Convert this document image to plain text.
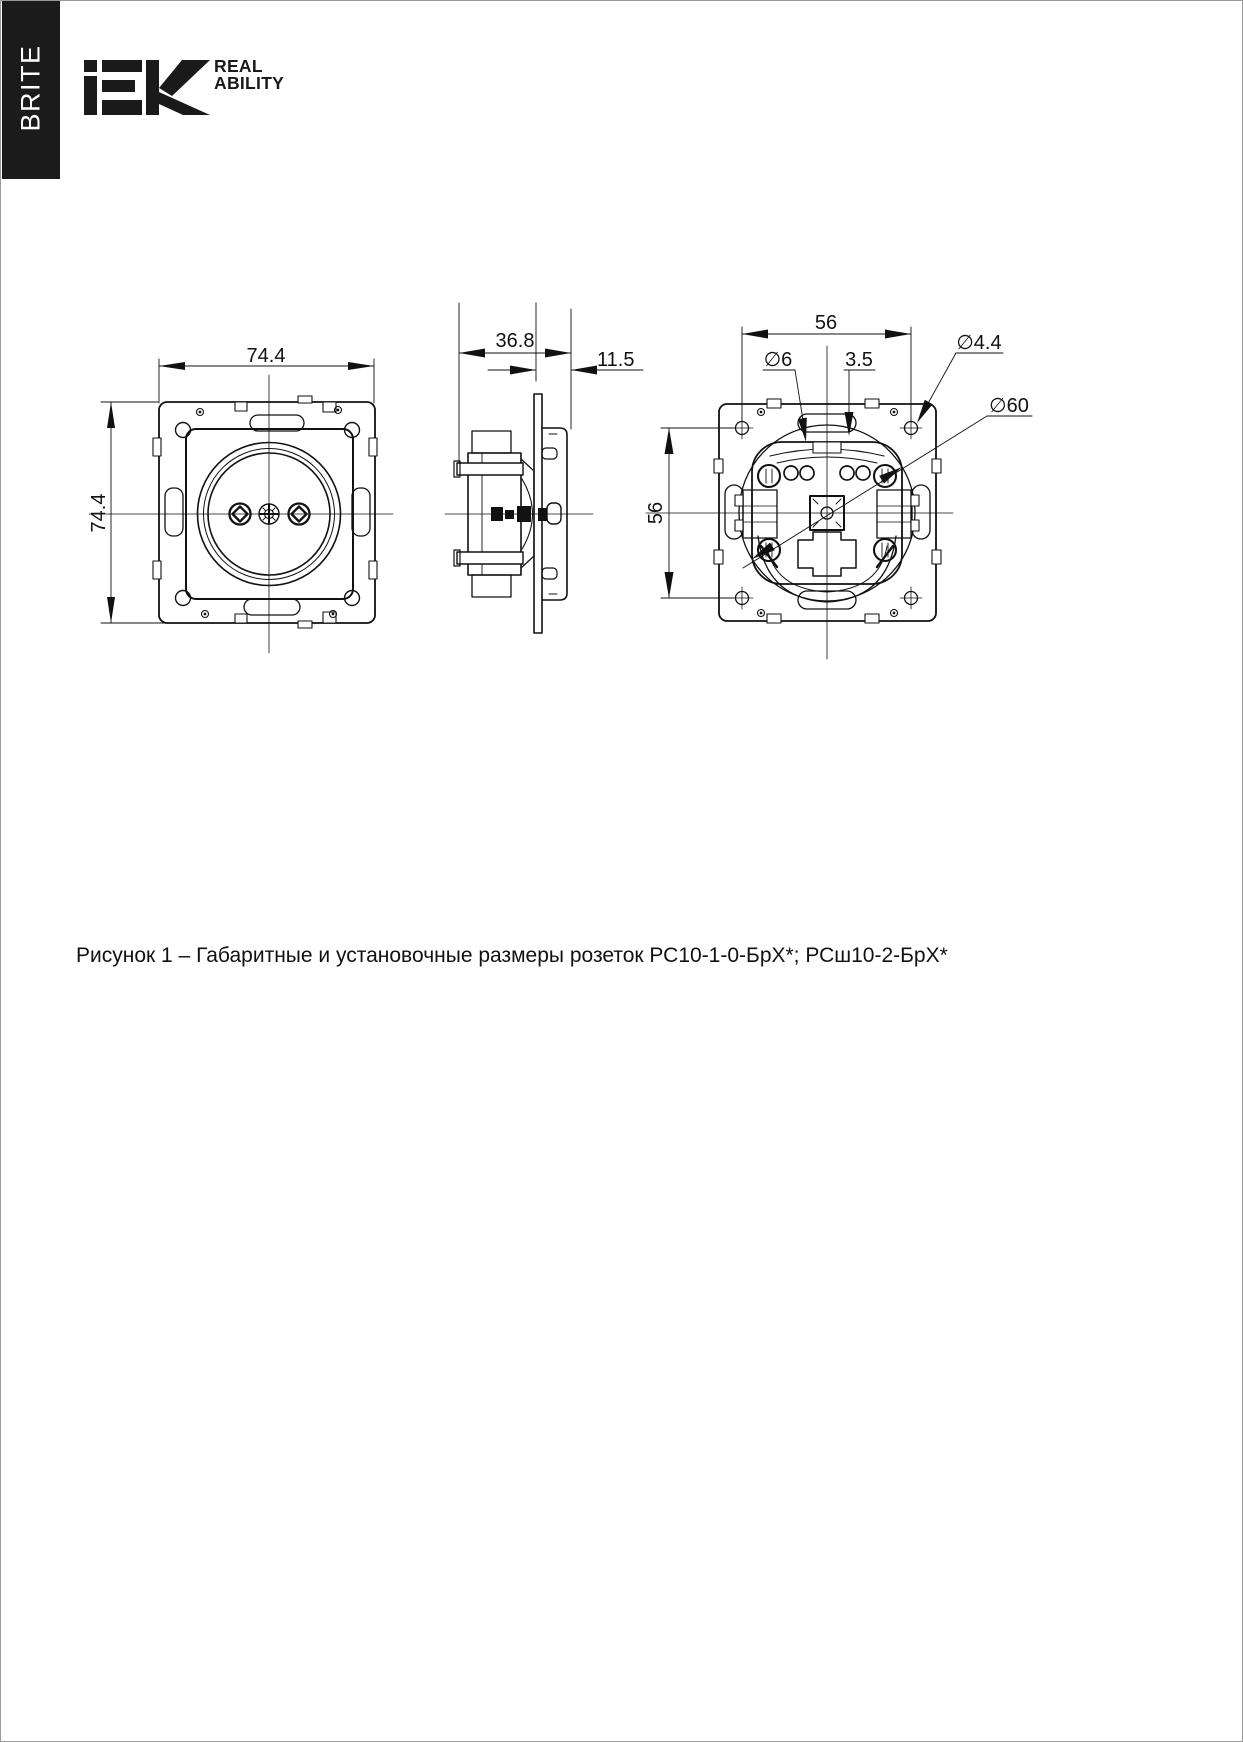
BRITE	REAL
ABILITY
74.4
74.4
36.8
11.5
56
56
∅6	3.5
∅4.4
∅60
Рисунок 1 – Габаритные и установочные размеры розеток РС10-1-0-БрХ*; РСш10-2-БрХ*
